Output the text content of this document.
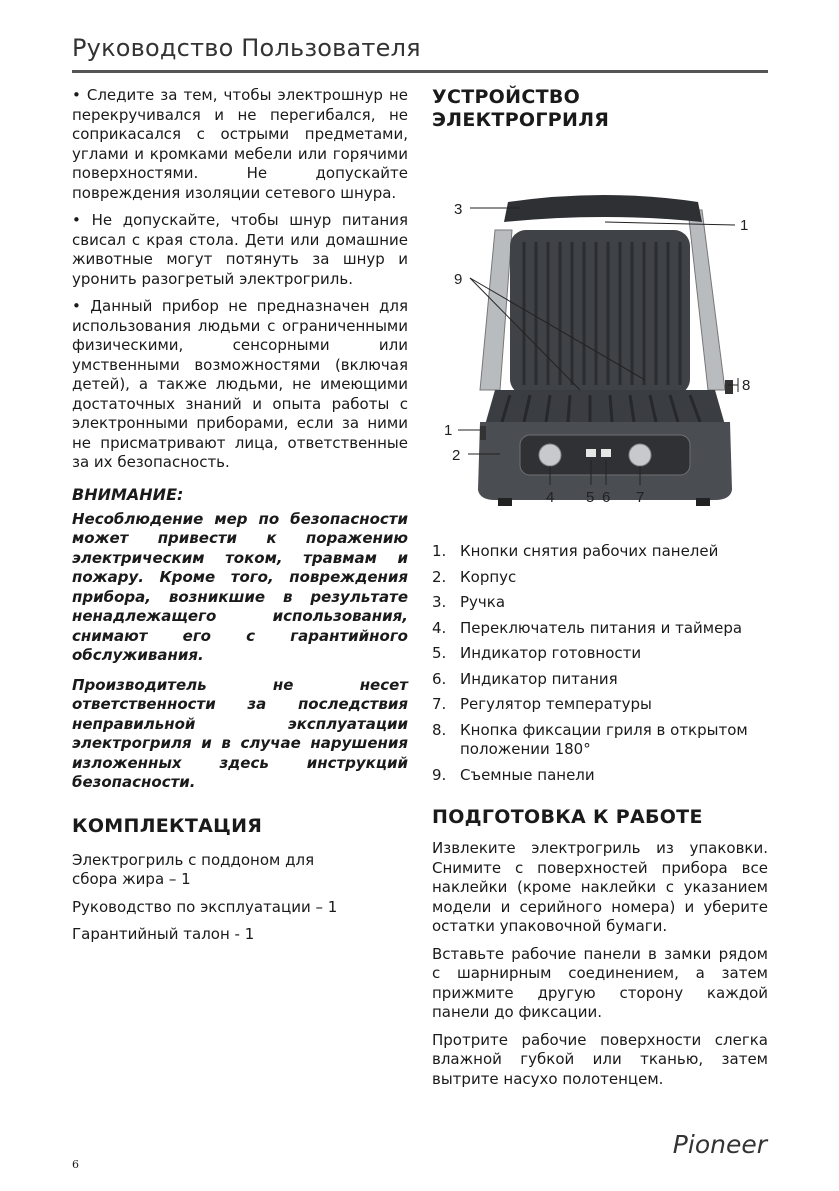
Руководство Пользователя

• Следите за тем, чтобы электрошнур не перекручивался и не перегибался, не соприкасался с острыми предметами, углами и кромками мебели или горячими поверхностями. Не допускайте повреждения изоляции сетевого шнура.

• Не допускайте, чтобы шнур питания свисал с края стола. Дети или домашние животные могут потянуть за шнур и уронить разогретый электрогриль.

• Данный прибор не предназначен для использования людьми с ограниченными физическими, сенсорными или умственными возможностями (включая детей), а также людьми, не имеющими достаточных знаний и опыта работы с электронными приборами, если за ними не присматривают лица, ответственные за их безопасность.

ВНИМАНИЕ:

Несоблюдение мер по безопасности может привести к поражению электрическим током, травмам и пожару. Кроме того, повреждения прибора, возникшие в результате ненадлежащего использования, снимают его с гарантийного обслуживания.

Производитель не несет ответственности за последствия неправильной эксплуатации электрогриля и в случае нарушения изложенных здесь инструкций безопасности.

КОМПЛЕКТАЦИЯ
Электрогриль с поддоном для сбора жира – 1
Руководство по эксплуатации – 1
Гарантийный талон - 1
УСТРОЙСТВО ЭЛЕКТРОГРИЛЯ
3
1
9
8
1
2
4 5 6 7
1. Кнопки снятия рабочих панелей
2. Корпус
3. Ручка
4. Переключатель питания и таймера
5. Индикатор готовности
6. Индикатор питания
7. Регулятор температуры
8. Кнопка фиксации гриля в открытом положении 180°
9. Съемные панели
ПОДГОТОВКА К РАБОТЕ

Извлеките электрогриль из упаковки. Снимите с поверхностей прибора все наклейки (кроме наклейки с указанием модели и серийного номера) и уберите остатки упаковочной бумаги.

Вставьте рабочие панели в замки рядом с шарнирным соединением, а затем прижмите другую сторону каждой панели до фиксации.

Протрите рабочие поверхности слегка влажной губкой или тканью, затем вытрите насухо полотенцем.

6
Pioneer
